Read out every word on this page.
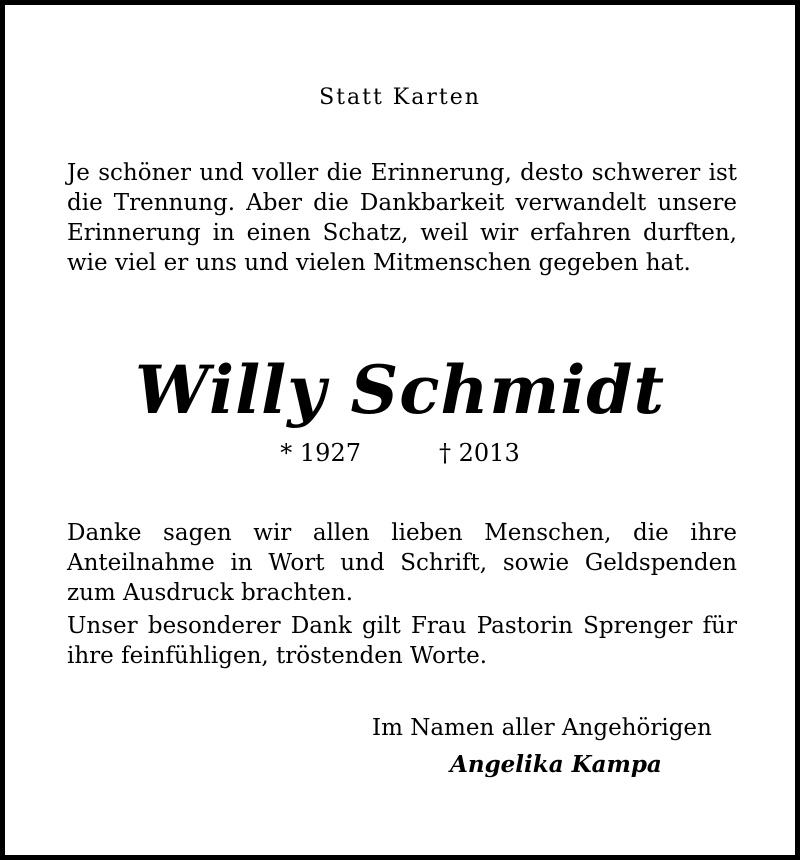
Statt Karten

Je schöner und voller die Erinnerung, desto schwerer ist die Trennung. Aber die Dankbarkeit verwandelt unsere Erinnerung in einen Schatz, weil wir erfahren durften, wie viel er uns und vielen Mitmenschen gegeben hat.

Willy Schmidt
* 1927	† 2013

Danke sagen wir allen lieben Menschen, die ihre Anteilnahme in Wort und Schrift, sowie Geldspenden zum Ausdruck brachten.

Unser besonderer Dank gilt Frau Pastorin Sprenger für ihre feinfühligen, tröstenden Worte.

Im Namen aller Angehörigen
Angelika Kampa
